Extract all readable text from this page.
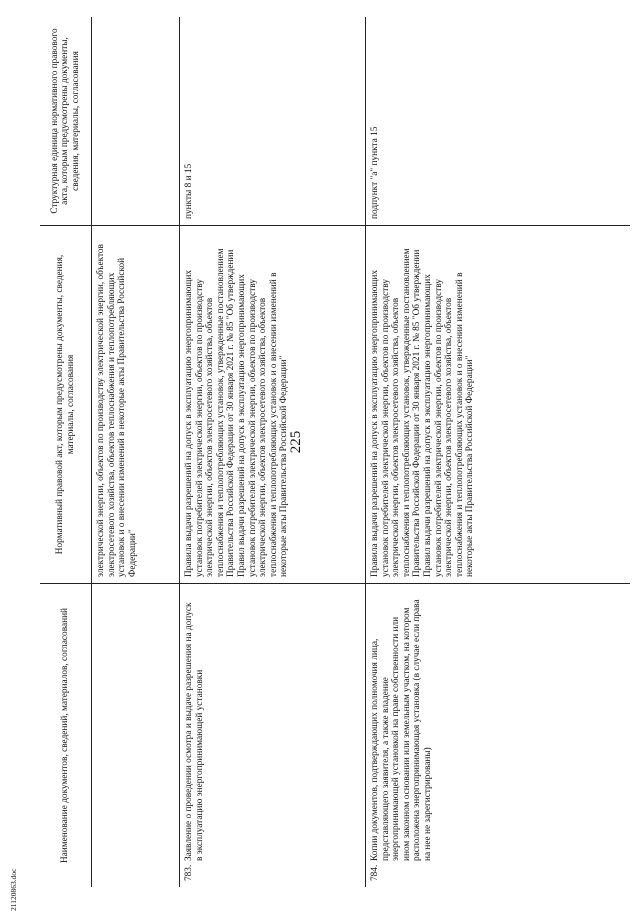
225
21120863.doc
Наименование документов, сведений, материалов, согласований
Нормативный правовой акт, которым предусмотрены документы, сведения, материалы, согласования
Структурная единица нормативного правового акта, которым предусмотрены документы, сведения, материалы, согласования
электрической энергии, объектов по производству электрической энергии, объектов электросетевого хозяйства, объектов теплоснабжения и теплопотребляющих установок и о внесении изменений в некоторые акты Правительства Российской Федерации"
783.Заявление о проведении осмотра и выдаче разрешения на допуск в эксплуатацию энергопринимающей установки
Правила выдачи разрешений на допуск в эксплуатацию энергопринимающих установок потребителей электрической энергии, объектов по производству электрической энергии, объектов электросетевого хозяйства, объектов теплоснабжения и теплопотребляющих установок, утвержденные постановлением Правительства Российской Федерации от 30 января 2021 г. № 85 "Об утверждении Правил выдачи разрешений на допуск в эксплуатацию энергопринимающих установок потребителей электрической энергии, объектов по производству электрической энергии, объектов электросетевого хозяйства, объектов теплоснабжения и теплопотребляющих установок и о внесении изменений в некоторые акты Правительства Российской Федерации"
пункты 8 и 15
784.Копии документов, подтверждающих полномочия лица, представляющего заявителя, а также владение энергопринимающей установкой на праве собственности или ином законном основании или земельным участком, на котором расположена энергопринимающая установка (в случае если права на нее не зарегистрированы)
Правила выдачи разрешений на допуск в эксплуатацию энергопринимающих установок потребителей электрической энергии, объектов по производству электрической энергии, объектов электросетевого хозяйства, объектов теплоснабжения и теплопотребляющих установок, утвержденные постановлением Правительства Российской Федерации от 30 января 2021 г. № 85 "Об утверждении Правил выдачи разрешений на допуск в эксплуатацию энергопринимающих установок потребителей электрической энергии, объектов по производству электрической энергии, объектов электросетевого хозяйства, объектов теплоснабжения и теплопотребляющих установок и о внесении изменений в некоторые акты Правительства Российской Федерации"
подпункт "а" пункта 15
